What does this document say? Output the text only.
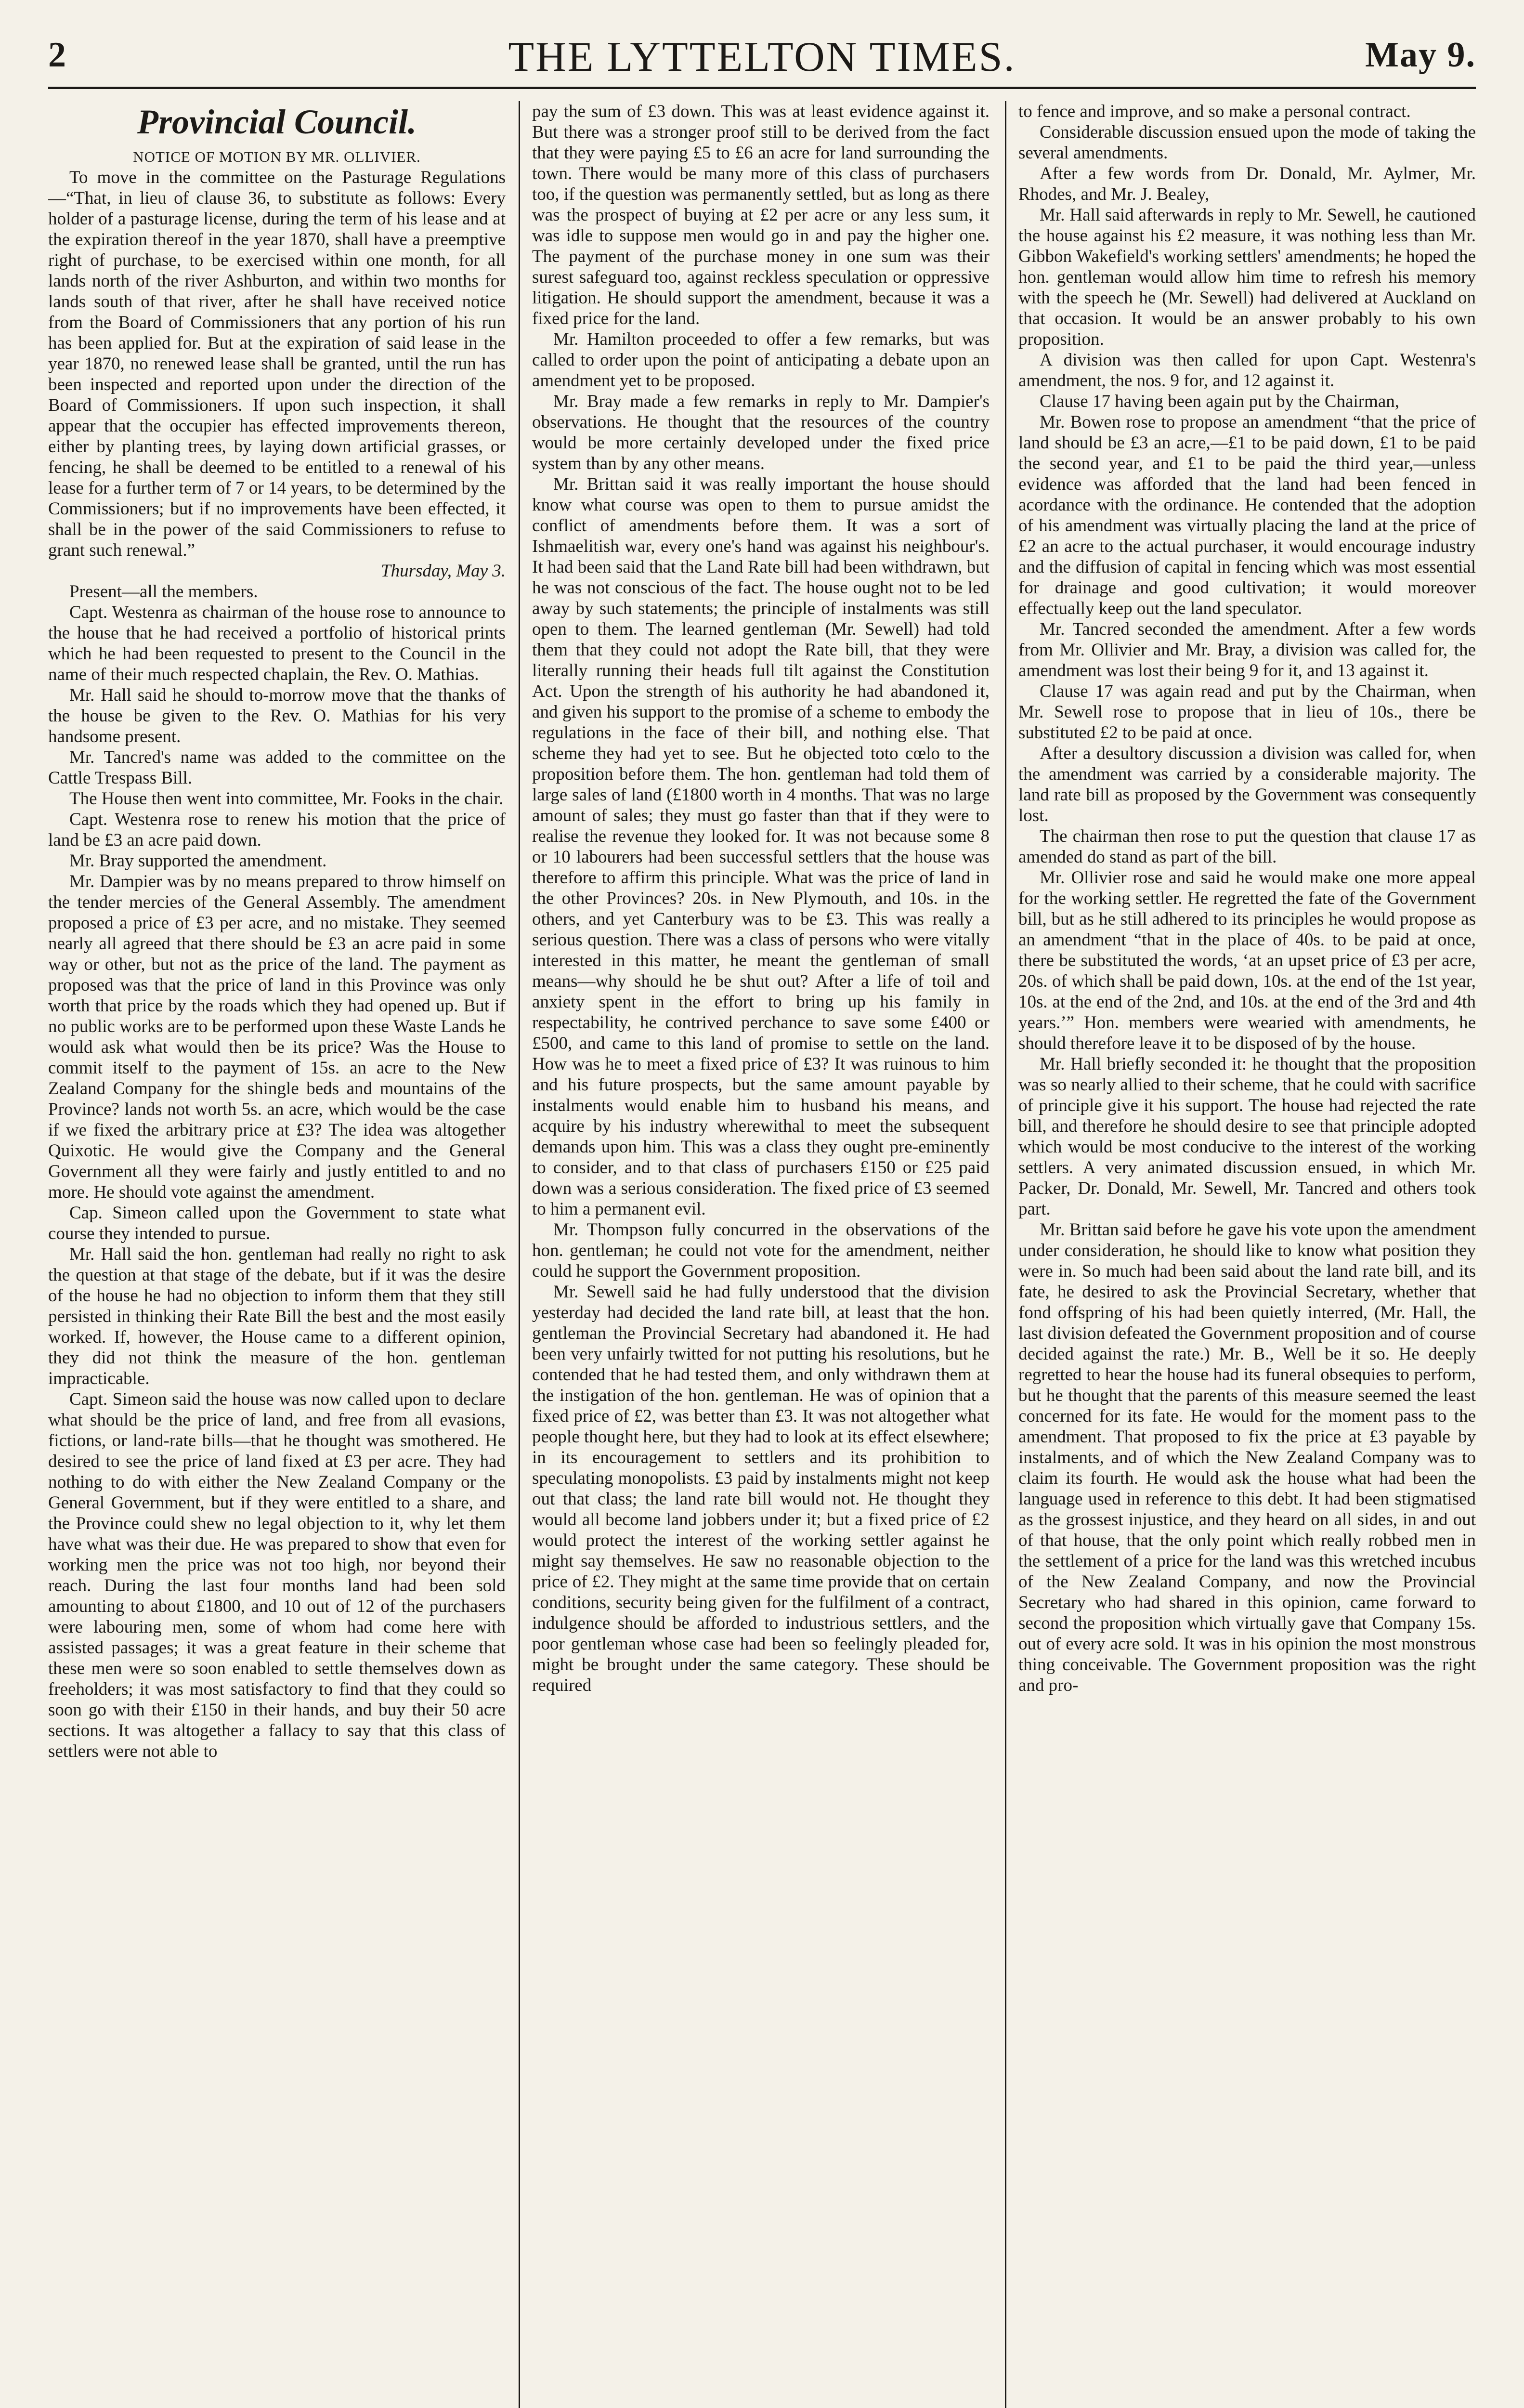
2	THE LYTTELTON TIMES.	May 9.
Provincial Council.

NOTICE OF MOTION BY MR. OLLIVIER.

To move in the committee on the Pasturage Regulations—“That, in lieu of clause 36, to substitute as follows: Every holder of a pasturage license, during the term of his lease and at the expiration thereof in the year 1870, shall have a preemptive right of purchase, to be exercised within one month, for all lands north of the river Ashburton, and within two months for lands south of that river, after he shall have received notice from the Board of Commissioners that any portion of his run has been applied for. But at the expiration of said lease in the year 1870, no renewed lease shall be granted, until the run has been inspected and reported upon under the direction of the Board of Commissioners. If upon such inspection, it shall appear that the occupier has effected improvements thereon, either by planting trees, by laying down artificial grasses, or fencing, he shall be deemed to be entitled to a renewal of his lease for a further term of 7 or 14 years, to be determined by the Commissioners; but if no improvements have been effected, it shall be in the power of the said Commissioners to refuse to grant such renewal.”

Thursday, May 3.

Present—all the members.

Capt. Westenra as chairman of the house rose to announce to the house that he had received a portfolio of historical prints which he had been requested to present to the Council in the name of their much respected chaplain, the Rev. O. Mathias.

Mr. Hall said he should to-morrow move that the thanks of the house be given to the Rev. O. Mathias for his very handsome present.

Mr. Tancred's name was added to the committee on the Cattle Trespass Bill.

The House then went into committee, Mr. Fooks in the chair.

Capt. Westenra rose to renew his motion that the price of land be £3 an acre paid down.

Mr. Bray supported the amendment.

Mr. Dampier was by no means prepared to throw himself on the tender mercies of the General Assembly. The amendment proposed a price of £3 per acre, and no mistake. They seemed nearly all agreed that there should be £3 an acre paid in some way or other, but not as the price of the land. The payment as proposed was that the price of land in this Province was only worth that price by the roads which they had opened up. But if no public works are to be performed upon these Waste Lands he would ask what would then be its price? Was the House to commit itself to the payment of 15s. an acre to the New Zealand Company for the shingle beds and mountains of the Province? lands not worth 5s. an acre, which would be the case if we fixed the arbitrary price at £3? The idea was altogether Quixotic. He would give the Company and the General Government all they were fairly and justly entitled to and no more. He should vote against the amendment.

Cap. Simeon called upon the Government to state what course they intended to pursue.

Mr. Hall said the hon. gentleman had really no right to ask the question at that stage of the debate, but if it was the desire of the house he had no objection to inform them that they still persisted in thinking their Rate Bill the best and the most easily worked. If, however, the House came to a different opinion, they did not think the measure of the hon. gentleman impracticable.

Capt. Simeon said the house was now called upon to declare what should be the price of land, and free from all evasions, fictions, or land-rate bills—that he thought was smothered. He desired to see the price of land fixed at £3 per acre. They had nothing to do with either the New Zealand Company or the General Government, but if they were entitled to a share, and the Province could shew no legal objection to it, why let them have what was their due. He was prepared to show that even for working men the price was not too high, nor beyond their reach. During the last four months land had been sold amounting to about £1800, and 10 out of 12 of the purchasers were labouring men, some of whom had come here with assisted passages; it was a great feature in their scheme that these men were so soon enabled to settle themselves down as freeholders; it was most satisfactory to find that they could so soon go with their £150 in their hands, and buy their 50 acre sections. It was altogether a fallacy to say that this class of settlers were not able to

pay the sum of £3 down. This was at least evidence against it. But there was a stronger proof still to be derived from the fact that they were paying £5 to £6 an acre for land surrounding the town. There would be many more of this class of purchasers too, if the question was permanently settled, but as long as there was the prospect of buying at £2 per acre or any less sum, it was idle to suppose men would go in and pay the higher one. The payment of the purchase money in one sum was their surest safeguard too, against reckless speculation or oppressive litigation. He should support the amendment, because it was a fixed price for the land.

Mr. Hamilton proceeded to offer a few remarks, but was called to order upon the point of anticipating a debate upon an amendment yet to be proposed.

Mr. Bray made a few remarks in reply to Mr. Dampier's observations. He thought that the resources of the country would be more certainly developed under the fixed price system than by any other means.

Mr. Brittan said it was really important the house should know what course was open to them to pursue amidst the conflict of amendments before them. It was a sort of Ishmaelitish war, every one's hand was against his neighbour's. It had been said that the Land Rate bill had been withdrawn, but he was not conscious of the fact. The house ought not to be led away by such statements; the principle of instalments was still open to them. The learned gentleman (Mr. Sewell) had told them that they could not adopt the Rate bill, that they were literally running their heads full tilt against the Constitution Act. Upon the strength of his authority he had abandoned it, and given his support to the promise of a scheme to embody the regulations in the face of their bill, and nothing else. That scheme they had yet to see. But he objected toto cœlo to the proposition before them. The hon. gentleman had told them of large sales of land (£1800 worth in 4 months. That was no large amount of sales; they must go faster than that if they were to realise the revenue they looked for. It was not because some 8 or 10 labourers had been successful settlers that the house was therefore to affirm this principle. What was the price of land in the other Provinces? 20s. in New Plymouth, and 10s. in the others, and yet Canterbury was to be £3. This was really a serious question. There was a class of persons who were vitally interested in this matter, he meant the gentleman of small means—why should he be shut out? After a life of toil and anxiety spent in the effort to bring up his family in respectability, he contrived perchance to save some £400 or £500, and came to this land of promise to settle on the land. How was he to meet a fixed price of £3? It was ruinous to him and his future prospects, but the same amount payable by instalments would enable him to husband his means, and acquire by his industry wherewithal to meet the subsequent demands upon him. This was a class they ought pre-eminently to consider, and to that class of purchasers £150 or £25 paid down was a serious consideration. The fixed price of £3 seemed to him a permanent evil.

Mr. Thompson fully concurred in the observations of the hon. gentleman; he could not vote for the amendment, neither could he support the Government proposition.

Mr. Sewell said he had fully understood that the division yesterday had decided the land rate bill, at least that the hon. gentleman the Provincial Secretary had abandoned it. He had been very unfairly twitted for not putting his resolutions, but he contended that he had tested them, and only withdrawn them at the instigation of the hon. gentleman. He was of opinion that a fixed price of £2, was better than £3. It was not altogether what people thought here, but they had to look at its effect elsewhere; in its encouragement to settlers and its prohibition to speculating monopolists. £3 paid by instalments might not keep out that class; the land rate bill would not. He thought they would all become land jobbers under it; but a fixed price of £2 would protect the interest of the working settler against he might say themselves. He saw no reasonable objection to the price of £2. They might at the same time provide that on certain conditions, security being given for the fulfilment of a contract, indulgence should be afforded to industrious settlers, and the poor gentleman whose case had been so feelingly pleaded for, might be brought under the same category. These should be required

to fence and improve, and so make a personal contract.

Considerable discussion ensued upon the mode of taking the several amendments.

After a few words from Dr. Donald, Mr. Aylmer, Mr. Rhodes, and Mr. J. Bealey,

Mr. Hall said afterwards in reply to Mr. Sewell, he cautioned the house against his £2 measure, it was nothing less than Mr. Gibbon Wakefield's working settlers' amendments; he hoped the hon. gentleman would allow him time to refresh his memory with the speech he (Mr. Sewell) had delivered at Auckland on that occasion. It would be an answer probably to his own proposition.

A division was then called for upon Capt. Westenra's amendment, the nos. 9 for, and 12 against it.

Clause 17 having been again put by the Chairman,

Mr. Bowen rose to propose an amendment “that the price of land should be £3 an acre,—£1 to be paid down, £1 to be paid the second year, and £1 to be paid the third year,—unless evidence was afforded that the land had been fenced in acordance with the ordinance. He contended that the adoption of his amendment was virtually placing the land at the price of £2 an acre to the actual purchaser, it would encourage industry and the diffusion of capital in fencing which was most essential for drainage and good cultivation; it would moreover effectually keep out the land speculator.

Mr. Tancred seconded the amendment. After a few words from Mr. Ollivier and Mr. Bray, a division was called for, the amendment was lost their being 9 for it, and 13 against it.

Clause 17 was again read and put by the Chairman, when Mr. Sewell rose to propose that in lieu of 10s., there be substituted £2 to be paid at once.

After a desultory discussion a division was called for, when the amendment was carried by a considerable majority. The land rate bill as proposed by the Government was consequently lost.

The chairman then rose to put the question that clause 17 as amended do stand as part of the bill.

Mr. Ollivier rose and said he would make one more appeal for the working settler. He regretted the fate of the Government bill, but as he still adhered to its principles he would propose as an amendment “that in the place of 40s. to be paid at once, there be substituted the words, ‘at an upset price of £3 per acre, 20s. of which shall be paid down, 10s. at the end of the 1st year, 10s. at the end of the 2nd, and 10s. at the end of the 3rd and 4th years.’” Hon. members were wearied with amendments, he should therefore leave it to be disposed of by the house.

Mr. Hall briefly seconded it: he thought that the proposition was so nearly allied to their scheme, that he could with sacrifice of principle give it his support. The house had rejected the rate bill, and therefore he should desire to see that principle adopted which would be most conducive to the interest of the working settlers. A very animated discussion ensued, in which Mr. Packer, Dr. Donald, Mr. Sewell, Mr. Tancred and others took part.

Mr. Brittan said before he gave his vote upon the amendment under consideration, he should like to know what position they were in. So much had been said about the land rate bill, and its fate, he desired to ask the Provincial Secretary, whether that fond offspring of his had been quietly interred, (Mr. Hall, the last division defeated the Government proposition and of course decided against the rate.) Mr. B., Well be it so. He deeply regretted to hear the house had its funeral obsequies to perform, but he thought that the parents of this measure seemed the least concerned for its fate. He would for the moment pass to the amendment. That proposed to fix the price at £3 payable by instalments, and of which the New Zealand Company was to claim its fourth. He would ask the house what had been the language used in reference to this debt. It had been stigmatised as the grossest injustice, and they heard on all sides, in and out of that house, that the only point which really robbed men in the settlement of a price for the land was this wretched incubus of the New Zealand Company, and now the Provincial Secretary who had shared in this opinion, came forward to second the proposition which virtually gave that Company 15s. out of every acre sold. It was in his opinion the most monstrous thing conceivable. The Government proposition was the right and pro-
